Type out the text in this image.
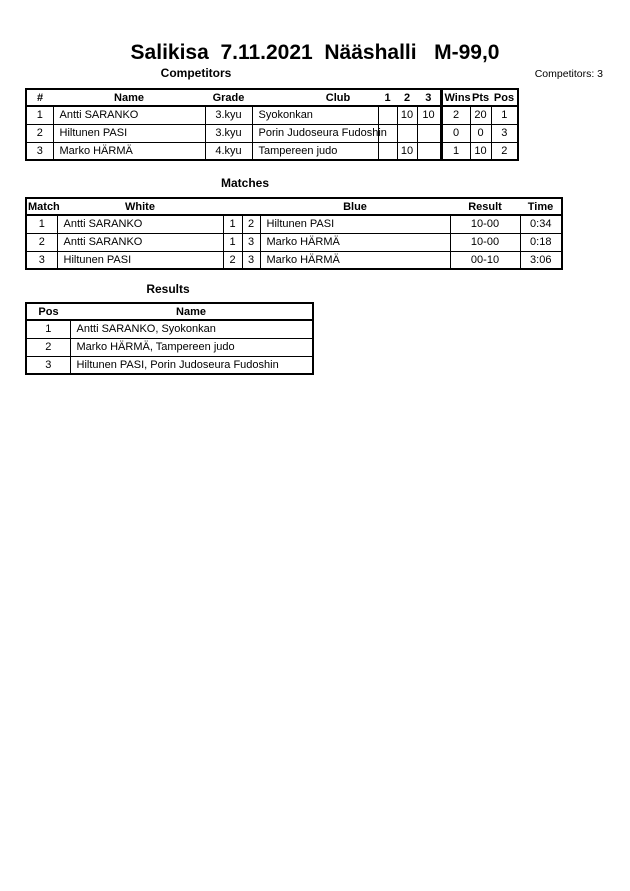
Salikisa  7.11.2021  Nääshalli   M-99,0
Competitors	Competitors: 3
#	Name	Grade	Club	1	2	3	Wins	Pts	Pos
1	Antti SARANKO	3.kyu	Syokonkan		10	10	2	20	1
2	Hiltunen PASI	3.kyu	Porin Judoseura Fudoshin				0	0	3
3	Marko HÄRMÄ	4.kyu	Tampereen judo		10		1	10	2
Matches
Match	White			Blue	Result	Time
1	Antti SARANKO	1	2	Hiltunen PASI	10-00	0:34
2	Antti SARANKO	1	3	Marko HÄRMÄ	10-00	0:18
3	Hiltunen PASI	2	3	Marko HÄRMÄ	00-10	3:06
Results
Pos	Name
1	Antti SARANKO, Syokonkan
2	Marko HÄRMÄ, Tampereen judo
3	Hiltunen PASI, Porin Judoseura Fudoshin
